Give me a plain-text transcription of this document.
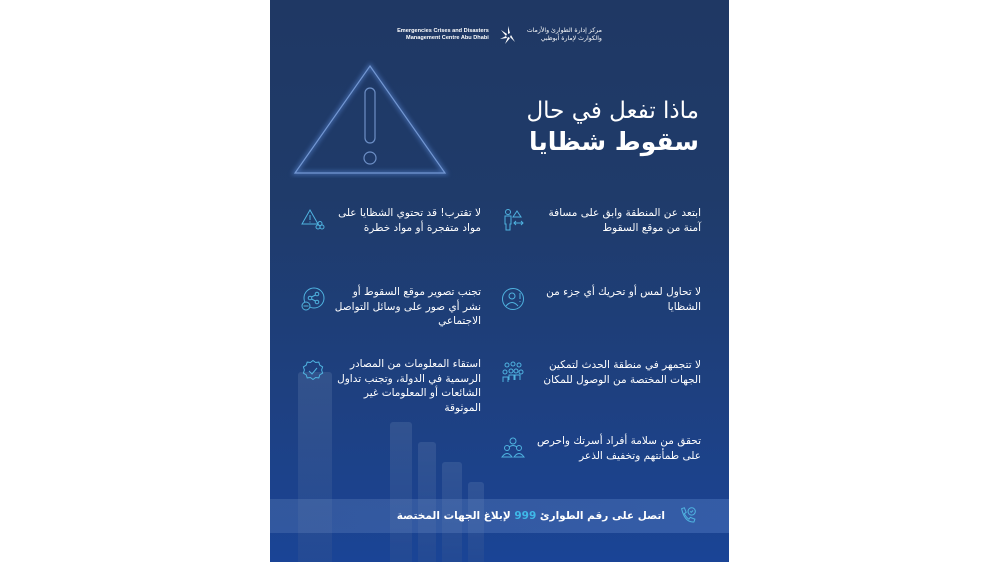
Emergencies Crises and Disasters
Management Centre Abu Dhabi
مركز إدارة الطوارئ والأزمات
والكوارث لإمارة أبوظبي
ماذا تفعل في حال
سقوط شظايا
ابتعد عن المنطقة وابق على مسافة آمنة من موقع السقوط
لا تحاول لمس أو تحريك أي جزء من الشظايا
لا تتجمهر في منطقة الحدث لتمكين الجهات المختصة من الوصول للمكان
تحقق من سلامة أفراد أسرتك واحرص على طمأنتهم وتخفيف الذعر
لا تقترب! قد تحتوي الشظايا على مواد متفجرة أو مواد خطرة
تجنب تصوير موقع السقوط أو نشر أي صور على وسائل التواصل الاجتماعي
استقاء المعلومات من المصادر الرسمية في الدولة، وتجنب تداول الشائعات أو المعلومات غير الموثوقة
اتصل على رقم الطوارئ 999 لإبلاغ الجهات المختصة
